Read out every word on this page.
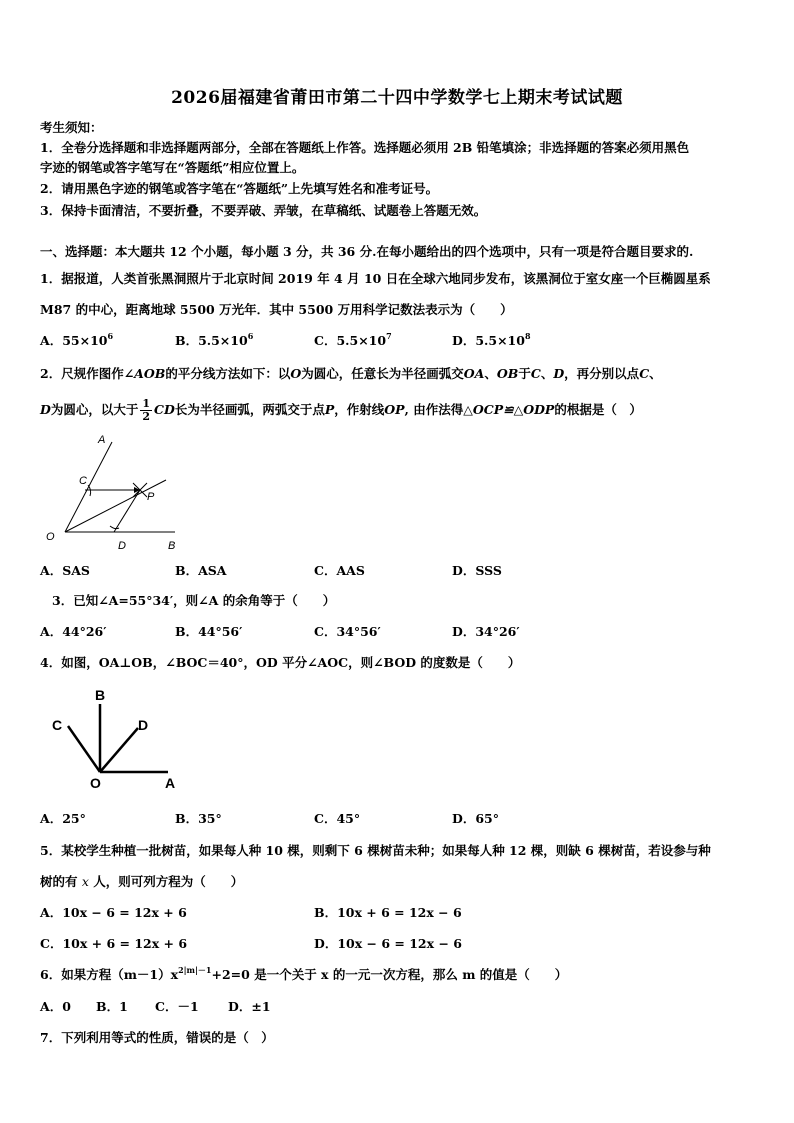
2026届福建省莆田市第二十四中学数学七上期末考试试题
考生须知：
1．全卷分选择题和非选择题两部分，全部在答题纸上作答。选择题必须用 2B 铅笔填涂；非选择题的答案必须用黑色
字迹的钢笔或答字笔写在“答题纸”相应位置上。
2．请用黑色字迹的钢笔或答字笔在“答题纸”上先填写姓名和准考证号。
3．保持卡面清洁，不要折叠，不要弄破、弄皱，在草稿纸、试题卷上答题无效。
一、选择题：本大题共 12 个小题，每小题 3 分，共 36 分.在每小题给出的四个选项中，只有一项是符合题目要求的.
1．据报道，人类首张黑洞照片于北京时间 2019 年 4 月 10 日在全球六地同步发布，该黑洞位于室女座一个巨椭圆星系
M87 的中心，距离地球 5500 万光年．其中 5500 万用科学记数法表示为（　　）
A．$55\times 10^6$	B．$5.5\times 10^6$	C．$5.5\times 10^7$	D．$5.5\times 10^8$
2．尺规作图作∠AOB的平分线方法如下：以O为圆心，任意长为半径画弧交OA、OB于C、D，再分别以点C、
D为圆心，以大于 $\frac{1}{2}$ CD长为半径画弧，两弧交于点P，作射线OP, 由作法得△OCP≌△ODP的根据是（　）
A
C
P
O
D	B
A．SAS	B．ASA	C．AAS	D．SSS
3．已知∠A=55°34′，则∠A 的余角等于（　　）
A．44°26′	B．44°56′	C．34°56′	D．34°26′
4．如图，OA⊥OB，∠BOC＝40°，OD 平分∠AOC，则∠BOD 的度数是（　　）
B
C	D
O	A
A．25°	B．35°	C．45°	D．65°
5．某校学生种植一批树苗，如果每人种 10 棵，则剩下 6 棵树苗未种；如果每人种 12 棵，则缺 6 棵树苗，若设参与种
树的有 x 人，则可列方程为（　　）
A．10x − 6 = 12x + 6	B．10x + 6 = 12x − 6
C．10x + 6 = 12x + 6	D．10x − 6 = 12x − 6
6．如果方程$(m-1)x^{2|m|-1}+2=0$ 是一个关于 x 的一元一次方程，那么 m 的值是（　　）
A．0 B．1 C．－1 D．±1
7．下列利用等式的性质，错误的是（　）
